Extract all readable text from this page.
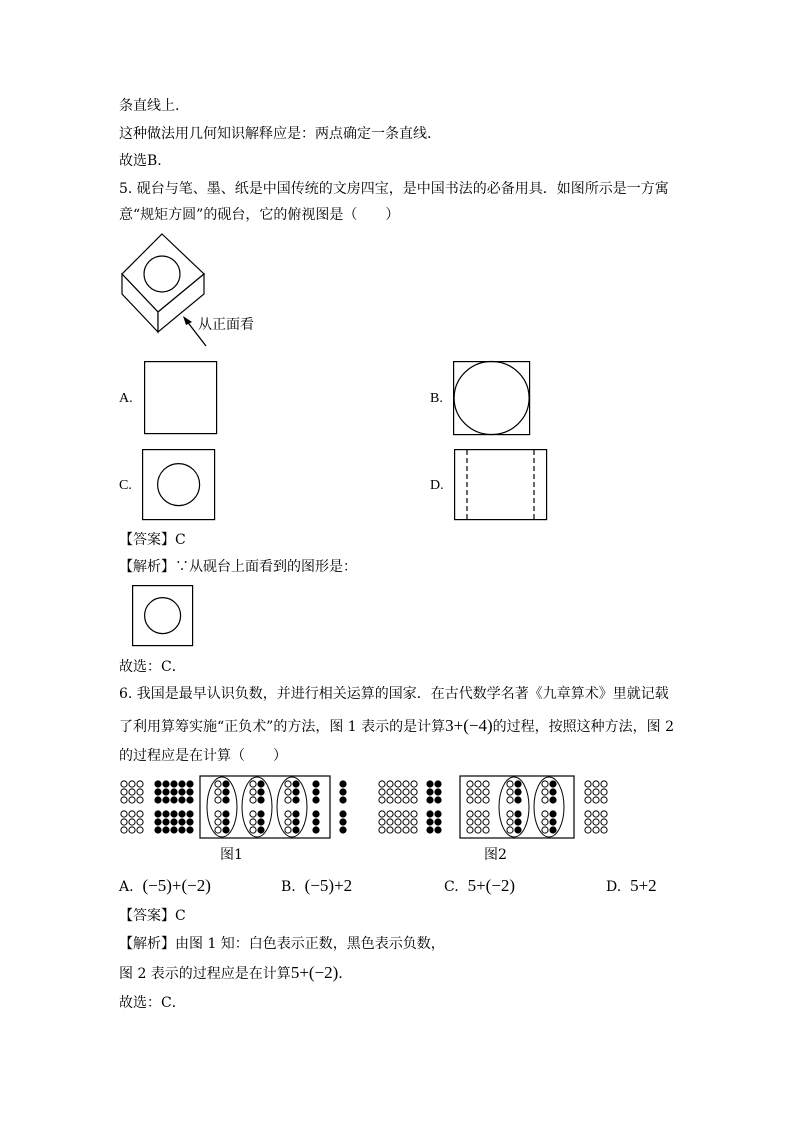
条直线上.
这种做法用几何知识解释应是：两点确定一条直线.
故选B.
5. 砚台与笔、墨、纸是中国传统的文房四宝，是中国书法的必备用具．如图所示是一方寓
意“规矩方圆”的砚台，它的俯视图是（　　）
从正面看
A.	B.
C.	D.
【答案】C
【解析】∵从砚台上面看到的图形是：
故选：C．
6. 我国是最早认识负数，并进行相关运算的国家．在古代数学名著《九章算术》里就记载
了利用算筹实施“正负术”的方法，图 1 表示的是计算3+(−4)的过程，按照这种方法，图 2
的过程应是在计算（　　）
图1	图2
A. (−5)+(−2)	B. (−5)+2	C. 5+(−2)	D. 5+2
【答案】C
【解析】由图 1 知：白色表示正数，黑色表示负数，
图 2 表示的过程应是在计算5+(−2)．
故选：C．
